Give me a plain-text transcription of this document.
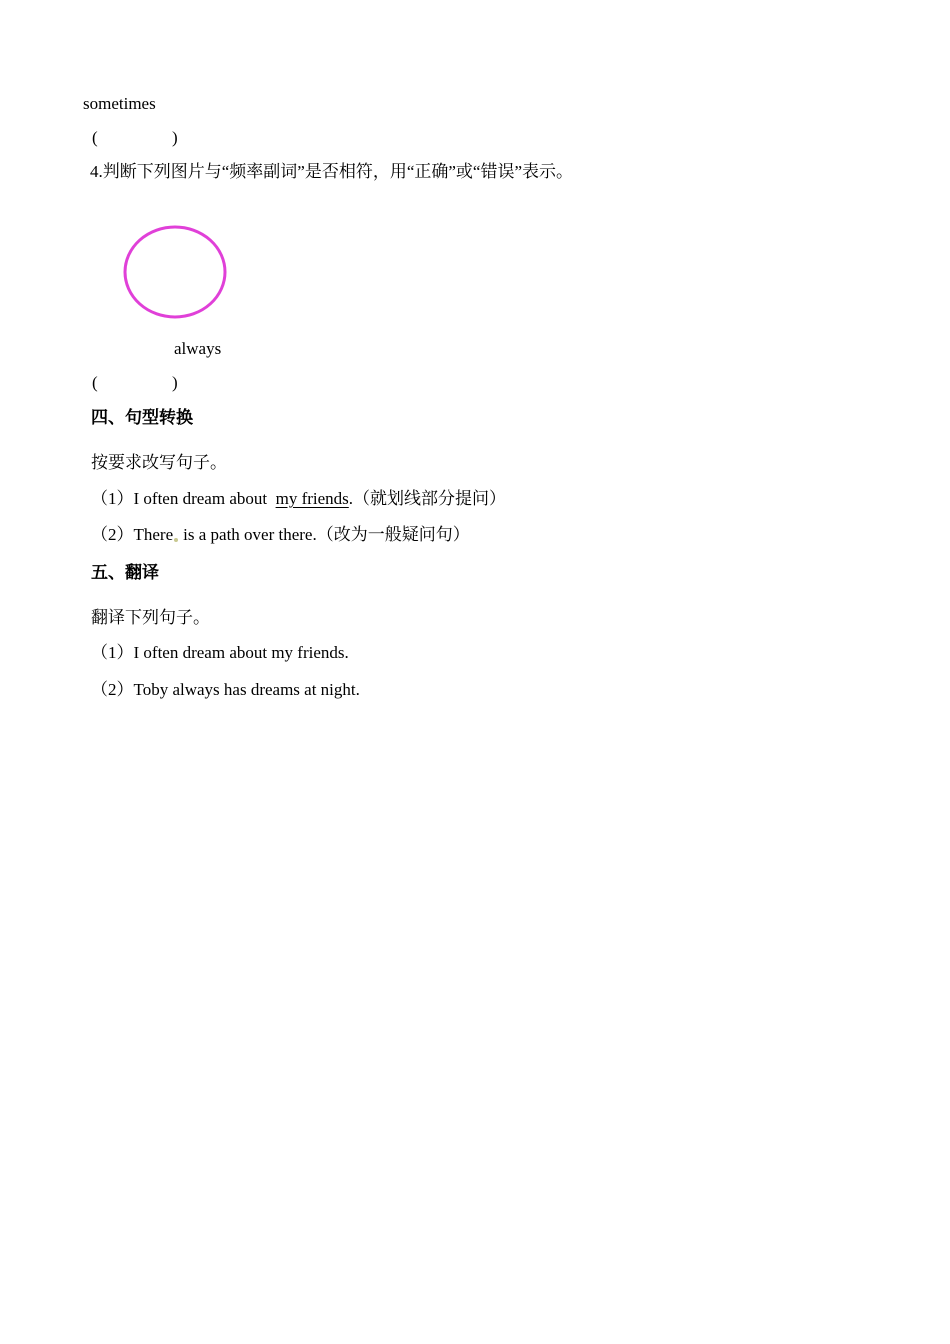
sometimes
(	)
4.判断下列图片与“频率副词”是否相符，用“正确”或“错误”表示。
always
(	)
四、句型转换
按要求改写句子。
（1）I often dream about  my friends.（就划线部分提问）
（2）There is a path over there.（改为一般疑问句）
五、翻译
翻译下列句子。
（1）I often dream about my friends.
（2）Toby always has dreams at night.
